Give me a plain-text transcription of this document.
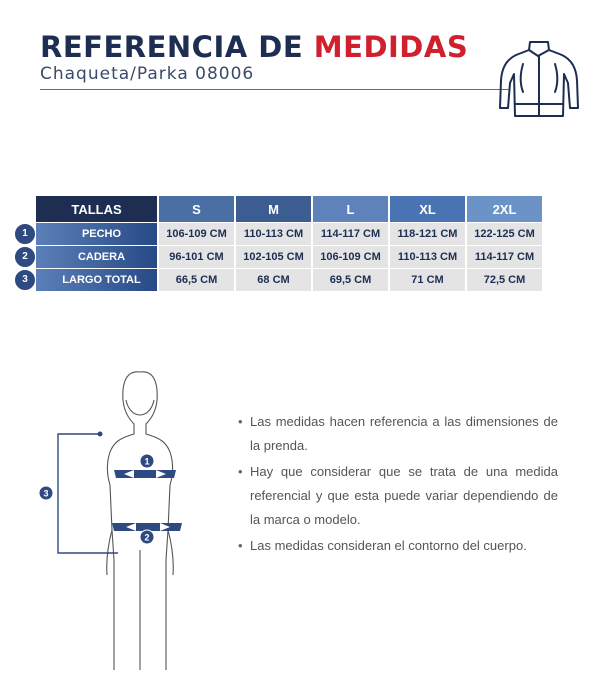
REFERENCIA DE MEDIDAS
Chaqueta/Parka 08006
TALLAS	S	M	L	XL	2XL

1 PECHO	106-109 CM	110-113 CM	114-117 CM	118-121 CM	122-125 CM

2 CADERA	96-101 CM	102-105 CM	106-109 CM	110-113 CM	114-117 CM

3 LARGO TOTAL	66,5 CM	68 CM	69,5 CM	71 CM	72,5 CM
1
2
3
• Las medidas hacen referencia a las dimensiones de la prenda.
• Hay que considerar que se trata de una medida referencial y que esta puede variar dependiendo de la marca o modelo.
• Las medidas consideran el contorno del cuerpo.
